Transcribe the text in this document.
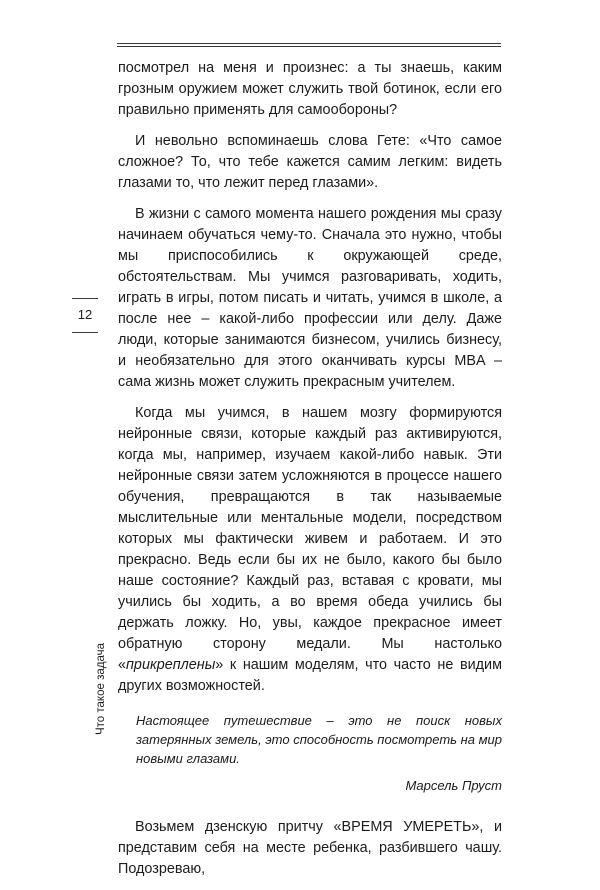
12
Что такое задача

посмотрел на меня и произнес: а ты знаешь, каким грозным оружием может служить твой ботинок, если его правильно применять для самообороны?

И невольно вспоминаешь слова Гете: «Что самое сложное? То, что тебе кажется самим легким: видеть глазами то, что лежит перед глазами».

В жизни с самого момента нашего рождения мы сразу начинаем обучаться чему-то. Сначала это нужно, чтобы мы приспособились к окружающей среде, обстоятельствам. Мы учимся разговаривать, ходить, играть в игры, потом писать и читать, учимся в школе, а после нее – какой-либо профессии или делу. Даже люди, которые занимаются бизнесом, учились бизнесу, и необязательно для этого оканчивать курсы MBA – сама жизнь может служить прекрасным учителем.

Когда мы учимся, в нашем мозгу формируются нейронные связи, которые каждый раз активируются, когда мы, например, изучаем какой-либо навык. Эти нейронные связи затем усложняются в процессе нашего обучения, превращаются в так называемые мыслительные или ментальные модели, посредством которых мы фактически живем и работаем. И это прекрасно. Ведь если бы их не было, какого бы было наше состояние? Каждый раз, вставая с кровати, мы учились бы ходить, а во время обеда учились бы держать ложку. Но, увы, каждое прекрасное имеет обратную сторону медали. Мы настолько «прикреплены» к нашим моделям, что часто не видим других возможностей.

Настоящее путешествие – это не поиск новых затерянных земель, это способность посмотреть на мир новыми глазами.

Марсель Пруст

Возьмем дзенскую притчу «ВРЕМЯ УМЕРЕТЬ», и представим себя на месте ребенка, разбившего чашу. Подозреваю,
